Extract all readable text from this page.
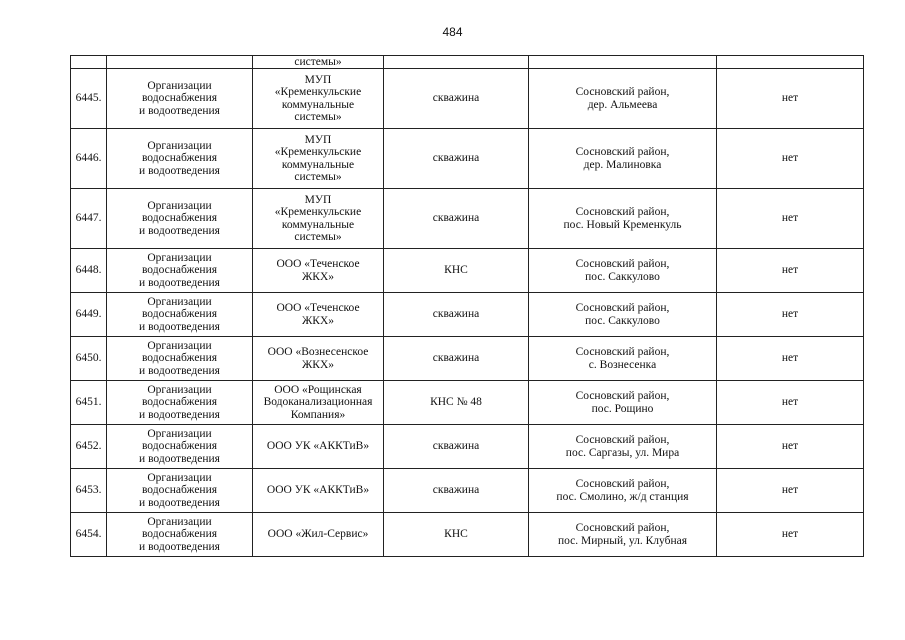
484
		системы»			
6445.	Организации
водоснабжения
и водоотведения	МУП
«Кременкульские
коммунальные
системы»	скважина	Сосновский район,
дер. Альмеева	нет
6446.	Организации
водоснабжения
и водоотведения	МУП
«Кременкульские
коммунальные
системы»	скважина	Сосновский район,
дер. Малиновка	нет
6447.	Организации
водоснабжения
и водоотведения	МУП
«Кременкульские
коммунальные
системы»	скважина	Сосновский район,
пос. Новый Кременкуль	нет
6448.	Организации
водоснабжения
и водоотведения	ООО «Теченское
ЖКХ»	КНС	Сосновский район,
пос. Саккулово	нет
6449.	Организации
водоснабжения
и водоотведения	ООО «Теченское
ЖКХ»	скважина	Сосновский район,
пос. Саккулово	нет
6450.	Организации
водоснабжения
и водоотведения	ООО «Вознесенское
ЖКХ»	скважина	Сосновский район,
с. Вознесенка	нет
6451.	Организации
водоснабжения
и водоотведения	ООО «Рощинская
Водоканализационная
Компания»	КНС № 48	Сосновский район,
пос. Рощино	нет
6452.	Организации
водоснабжения
и водоотведения	ООО УК «АККТиВ»	скважина	Сосновский район,
пос. Саргазы, ул. Мира	нет
6453.	Организации
водоснабжения
и водоотведения	ООО УК «АККТиВ»	скважина	Сосновский район,
пос. Смолино, ж/д станция	нет
6454.	Организации
водоснабжения
и водоотведения	ООО «Жил-Сервис»	КНС	Сосновский район,
пос. Мирный, ул. Клубная	нет
